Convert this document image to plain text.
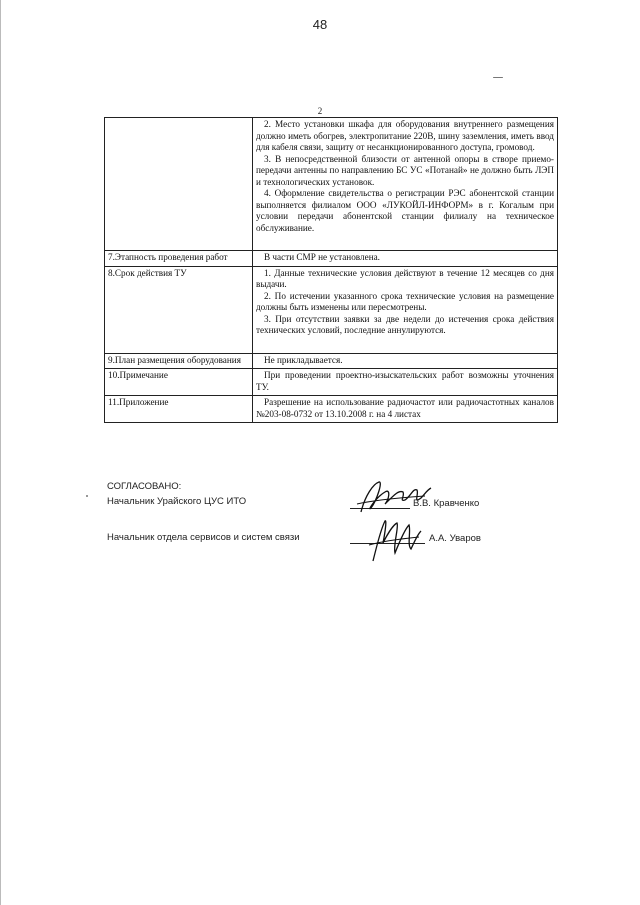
48
2

	2. Место установки шкафа для оборудования внутреннего размещения должно иметь обогрев, электропитание 220В, шину заземления, иметь ввод для кабеля связи, защиту от несанкционированного доступа, громовод.
3. В непосредственной близости от антенной опоры в створе приемо-передачи антенны по направлению БС УС «Потанай» не должно быть ЛЭП и технологических установок.
4. Оформление свидетельства о регистрации РЭС абонентской станции выполняется филиалом ООО «ЛУКОЙЛ-ИНФОРМ» в г. Когалым при условии передачи абонентской станции филиалу на техническое обслуживание.

7.Этапность проведения работ	В части СМР не установлена.

8.Срок действия ТУ	1. Данные технические условия действуют в течение 12 месяцев со дня выдачи.
2. По истечении указанного срока технические условия на размещение должны быть изменены или пересмотрены.
3. При отсутствии заявки за две недели до истечения срока действия технических условий, последние аннулируются.

9.План размещения оборудования	Не прикладывается.

10.Примечание	При проведении проектно-изыскательских работ возможны уточнения ТУ.

11.Приложение	Разрешение на использование радиочастот или радиочастотных каналов №203-08-0732 от 13.10.2008 г. на 4 листах
СОГЛАСОВАНО:
Начальник Урайского ЦУС ИТО	В.В. Кравченко
Начальник отдела сервисов и систем связи	А.А. Уваров
